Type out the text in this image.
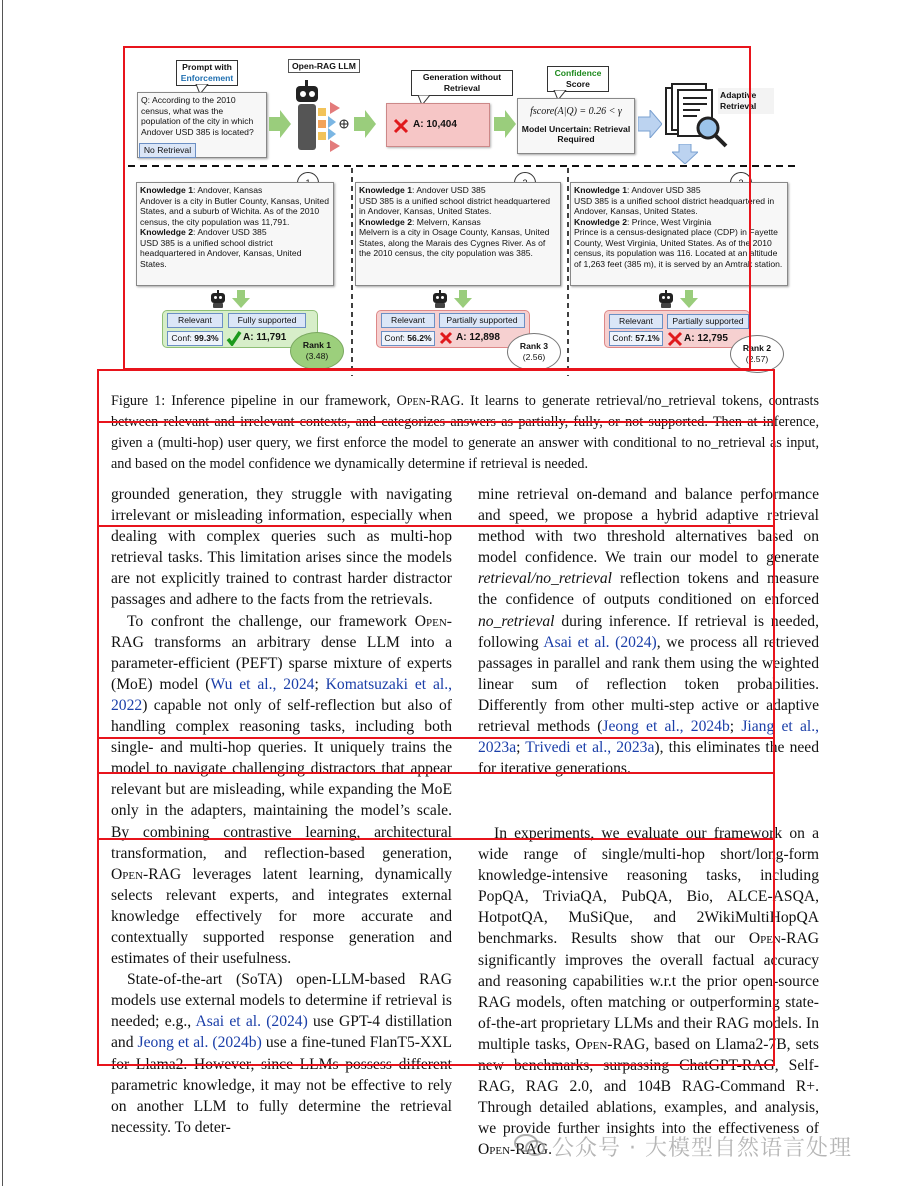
Prompt with
Enforcement
Q: According to the 2010 census, what was the population of the city in which Andover USD 385 is located?
No Retrieval
Open-RAG LLM
Generation without Retrieval
A: 10,404
Confidence
Score
fscore(A|Q) = 0.26 < γ
Model Uncertain: Retrieval Required
Adaptive Retrieval
Knowledge 1: Andover, Kansas
Andover is a city in Butler County, Kansas, United States, and a suburb of Wichita. As of the 2010 census, the city population was 11,791.
Knowledge 2: Andover USD 385
USD 385 is a unified school district headquartered in Andover, Kansas, United States.
Relevant	Fully supported
Conf: 99.3%	A: 11,791
Rank 1
(3.48)
Knowledge 1: Andover USD 385
USD 385 is a unified school district headquartered in Andover, Kansas, United States.
Knowledge 2: Melvern, Kansas
Melvern is a city in Osage County, Kansas, United States, along the Marais des Cygnes River. As of the 2010 census, the city population was 385.
Relevant	Partially supported
Conf: 56.2%	A: 12,898
Rank 3
(2.56)
Knowledge 1: Andover USD 385
USD 385 is a unified school district headquartered in Andover, Kansas, United States.
Knowledge 2: Prince, West Virginia
Prince is a census-designated place (CDP) in Fayette County, West Virginia, United States. As of the 2010 census, its population was 116. Located at an altitude of 1,263 feet (385 m), it is served by an Amtrak station.
Relevant	Partially supported
Conf: 57.1%	A: 12,795
Rank 2
(2.57)
Figure 1: Inference pipeline in our framework, Open-RAG. It learns to generate retrieval/no_retrieval tokens, contrasts between relevant and irrelevant contexts, and categorizes answers as partially, fully, or not supported. Then at inference, given a (multi-hop) user query, we first enforce the model to generate an answer with conditional to no_retrieval as input, and based on the model confidence we dynamically determine if retrieval is needed.

grounded generation, they struggle with navigating irrelevant or misleading information, especially when dealing with complex queries such as multi-hop retrieval tasks. This limitation arises since the models are not explicitly trained to contrast harder distractor passages and adhere to the facts from the retrievals.

To confront the challenge, our framework Open-RAG transforms an arbitrary dense LLM into a parameter-efficient (PEFT) sparse mixture of experts (MoE) model (Wu et al., 2024; Komatsuzaki et al., 2022) capable not only of self-reflection but also of handling complex reasoning tasks, including both single- and multi-hop queries. It uniquely trains the model to navigate challenging distractors that appear relevant but are misleading, while expanding the MoE only in the adapters, maintaining the model’s scale. By combining contrastive learning, architectural transformation, and reflection-based generation, Open-RAG leverages latent learning, dynamically selects relevant experts, and integrates external knowledge effectively for more accurate and contextually supported response generation and estimates of their usefulness.

State-of-the-art (SoTA) open-LLM-based RAG models use external models to determine if retrieval is needed; e.g., Asai et al. (2024) use GPT-4 distillation and Jeong et al. (2024b) use a fine-tuned FlanT5-XXL for Llama2. However, since LLMs possess different parametric knowledge, it may not be effective to rely on another LLM to fully determine the retrieval necessity. To deter-

mine retrieval on-demand and balance performance and speed, we propose a hybrid adaptive retrieval method with two threshold alternatives based on model confidence. We train our model to generate retrieval/no_retrieval reflection tokens and measure the confidence of outputs conditioned on enforced no_retrieval during inference. If retrieval is needed, following Asai et al. (2024), we process all retrieved passages in parallel and rank them using the weighted linear sum of reflection token probabilities. Differently from other multi-step active or adaptive retrieval methods (Jeong et al., 2024b; Jiang et al., 2023a; Trivedi et al., 2023a), this eliminates the need for iterative generations.

In experiments, we evaluate our framework on a wide range of single/multi-hop short/long-form knowledge-intensive reasoning tasks, including PopQA, TriviaQA, PubQA, Bio, ALCE-ASQA, HotpotQA, MuSiQue, and 2WikiMultiHopQA benchmarks. Results show that our Open-RAG significantly improves the overall factual accuracy and reasoning capabilities w.r.t the prior open-source RAG models, often matching or outperforming state-of-the-art proprietary LLMs and their RAG models. In multiple tasks, Open-RAG, based on Llama2-7B, sets new benchmarks, surpassing ChatGPT-RAG, Self-RAG, RAG 2.0, and 104B RAG-Command R+. Through detailed ablations, examples, and analysis, we provide further insights into the effectiveness of Open-RAG. 公众号 · 大模型自然语言处理
